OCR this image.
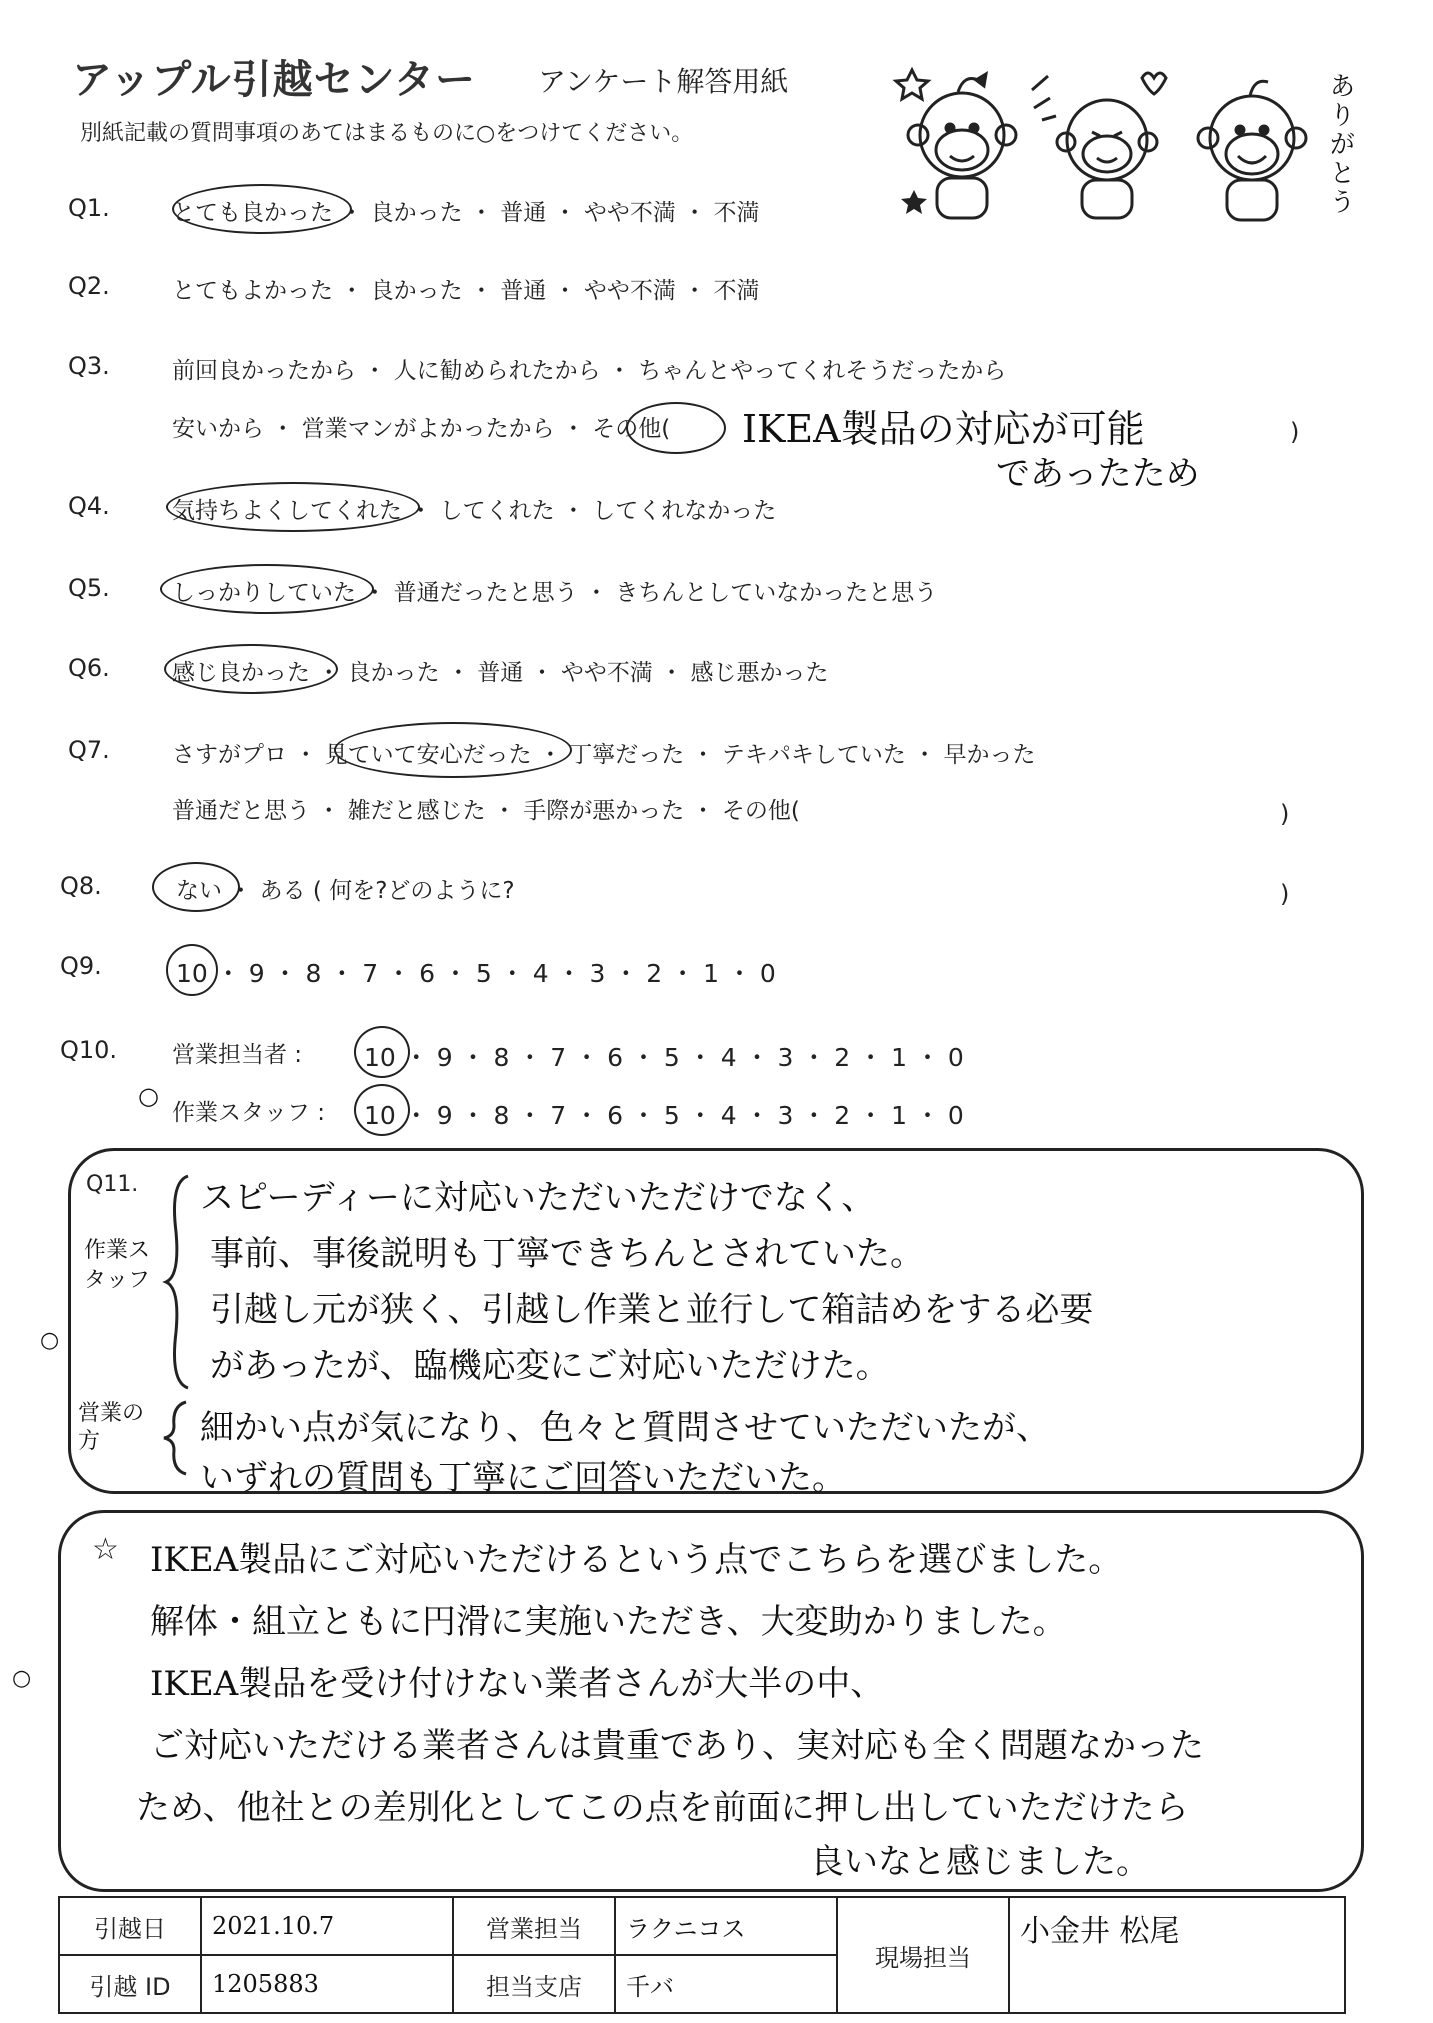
アップル引越センター アンケート解答用紙
別紙記載の質問事項のあてはまるものに○をつけてください。	ありがとう
Q1.	とても良かった ・ 良かった ・ 普通 ・ やや不満 ・ 不満
Q2.	とてもよかった ・ 良かった ・ 普通 ・ やや不満 ・ 不満
Q3.	前回良かったから ・ 人に勧められたから ・ ちゃんとやってくれそうだったから
安いから ・ 営業マンがよかったから ・ その他( IKEA製品の対応が可能
であったため
)
Q4.	気持ちよくしてくれた ・ してくれた ・ してくれなかった
Q5.	しっかりしていた ・ 普通だったと思う ・ きちんとしていなかったと思う
Q6.	感じ良かった ・ 良かった ・ 普通 ・ やや不満 ・ 感じ悪かった
Q7.	さすがプロ ・ 見ていて安心だった ・ 丁寧だった ・ テキパキしていた ・ 早かった
普通だと思う ・ 雑だと感じた ・ 手際が悪かった ・ その他(	)
Q8.	ない ・ ある ( 何を?どのように?	)
Q9.	10 ・ 9 ・ 8 ・ 7 ・ 6 ・ 5 ・ 4 ・ 3 ・ 2 ・ 1 ・ 0
Q10. 営業担当者 : 10 ・ 9 ・ 8 ・ 7 ・ 6 ・ 5 ・ 4 ・ 3 ・ 2 ・ 1 ・ 0
○
作業スタッフ : 10 ・ 9 ・ 8 ・ 7 ・ 6 ・ 5 ・ 4 ・ 3 ・ 2 ・ 1 ・ 0
Q11.
作業スタッフ
スピーディーに対応いただいただけでなく、
事前、事後説明も丁寧できちんとされていた。
引越し元が狭く、引越し作業と並行して箱詰めをする必要
があったが、臨機応変にご対応いただけた。
営業の方	細かい点が気になり、色々と質問させていただいたが、
いずれの質問も丁寧にご回答いただいた。
○
☆ IKEA製品にご対応いただけるという点でこちらを選びました。
解体・組立ともに円滑に実施いただき、大変助かりました。
IKEA製品を受け付けない業者さんが大半の中、
ご対応いただける業者さんは貴重であり、実対応も全く問題なかった
ため、他社との差別化としてこの点を前面に押し出していただけたら
良いなと感じました。
○
引越日	2021.10.7	営業担当	ラクニコス	現場担当	小金井 松尾
引越 ID	1205883	担当支店	千バ		
